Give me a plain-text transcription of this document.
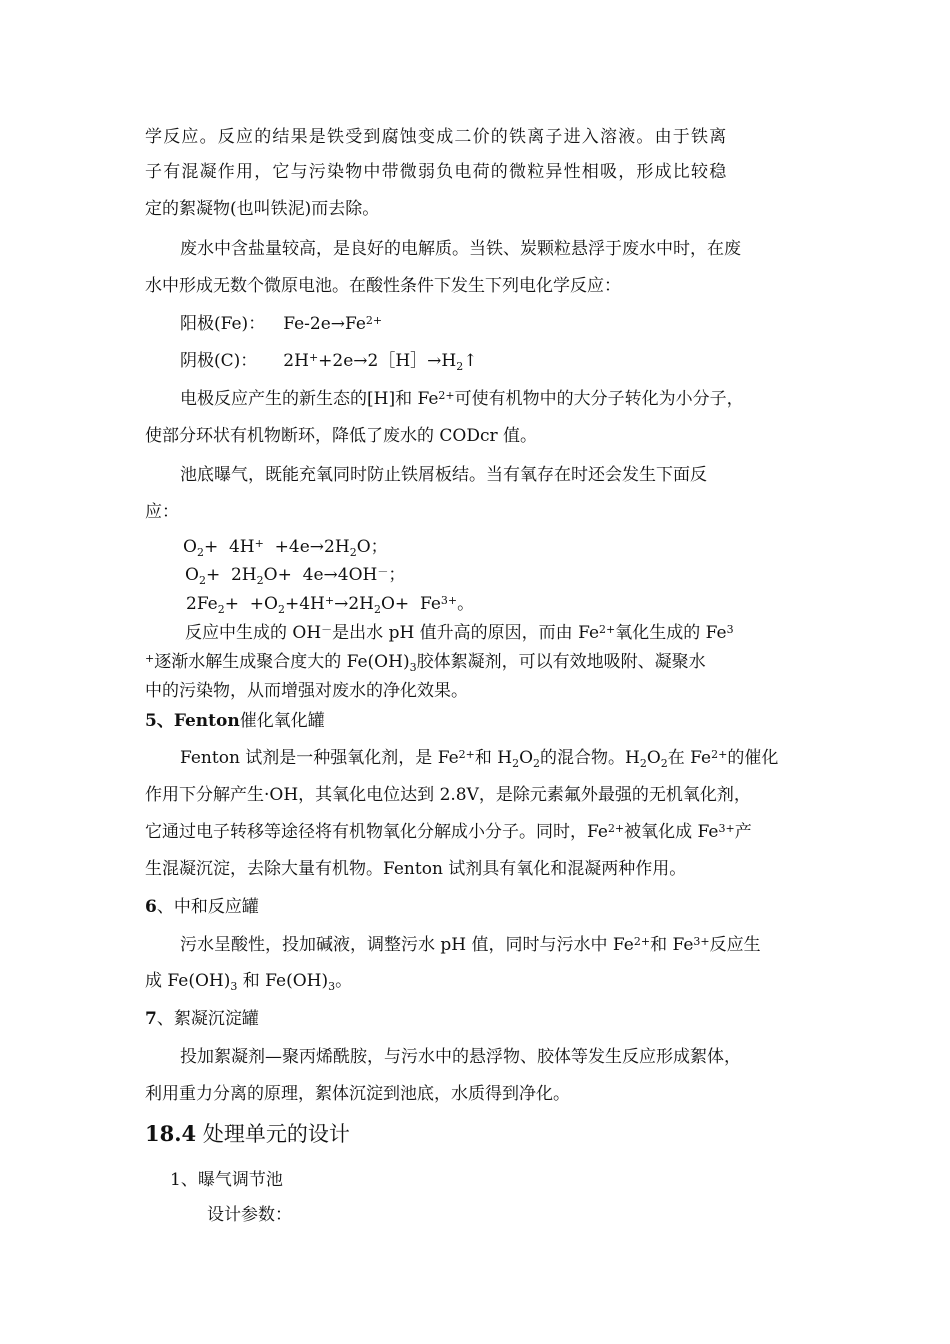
学反应。反应的结果是铁受到腐蚀变成二价的铁离子进入溶液。由于铁离
子有混凝作用，它与污染物中带微弱负电荷的微粒异性相吸，形成比较稳
定的絮凝物(也叫铁泥)而去除。
废水中含盐量较高，是良好的电解质。当铁、炭颗粒悬浮于废水中时，在废
水中形成无数个微原电池。在酸性条件下发生下列电化学反应：
阳极(Fe)： $Fe-2e\to Fe^{2+}$
阴极(C)： $2H^++2e\to 2[H]\to H_2↑$
电极反应产生的新生态的[H]和 $Fe^{2+}$可使有机物中的大分子转化为小分子，
使部分环状有机物断环，降低了废水的 CODcr 值。
池底曝气，既能充氧同时防止铁屑板结。当有氧存在时还会发生下面反
应：
$O_2+ 4H^+ +4e\to 2H_2O$；
$O_2+ 2H_2O+ 4e\to 4OH^-$；
$2Fe_2+ +O_2+4H^+\to 2H_2O+ Fe^{3+}$。
反应中生成的 OH－是出水 pH 值升高的原因，而由 $Fe^{2+}$氧化生成的 Fe$^3$
+逐渐水解生成聚合度大的 $Fe(OH)_3$胶体絮凝剂，可以有效地吸附、凝聚水
中的污染物，从而增强对废水的净化效果。
5、Fenton催化氧化罐
Fenton 试剂是一种强氧化剂，是 $Fe^{2+}$和 $H_2O_2$的混合物。$H_2O_2$在 $Fe^{2+}$的催化
作用下分解产生·OH，其氧化电位达到 2.8V，是除元素氟外最强的无机氧化剂，
它通过电子转移等途径将有机物氧化分解成小分子。同时，$Fe^{2+}$被氧化成 $Fe^{3+}$产
生混凝沉淀，去除大量有机物。Fenton 试剂具有氧化和混凝两种作用。
6、中和反应罐
污水呈酸性，投加碱液，调整污水 pH 值，同时与污水中 $Fe^{2+}$和 $Fe^{3+}$反应生
成 $Fe(OH)_3$ 和 $Fe(OH)_3$。
7、絮凝沉淀罐
投加絮凝剂—聚丙烯酰胺，与污水中的悬浮物、胶体等发生反应形成絮体，
利用重力分离的原理，絮体沉淀到池底，水质得到净化。
18.4 处理单元的设计
1、曝气调节池
设计参数：
